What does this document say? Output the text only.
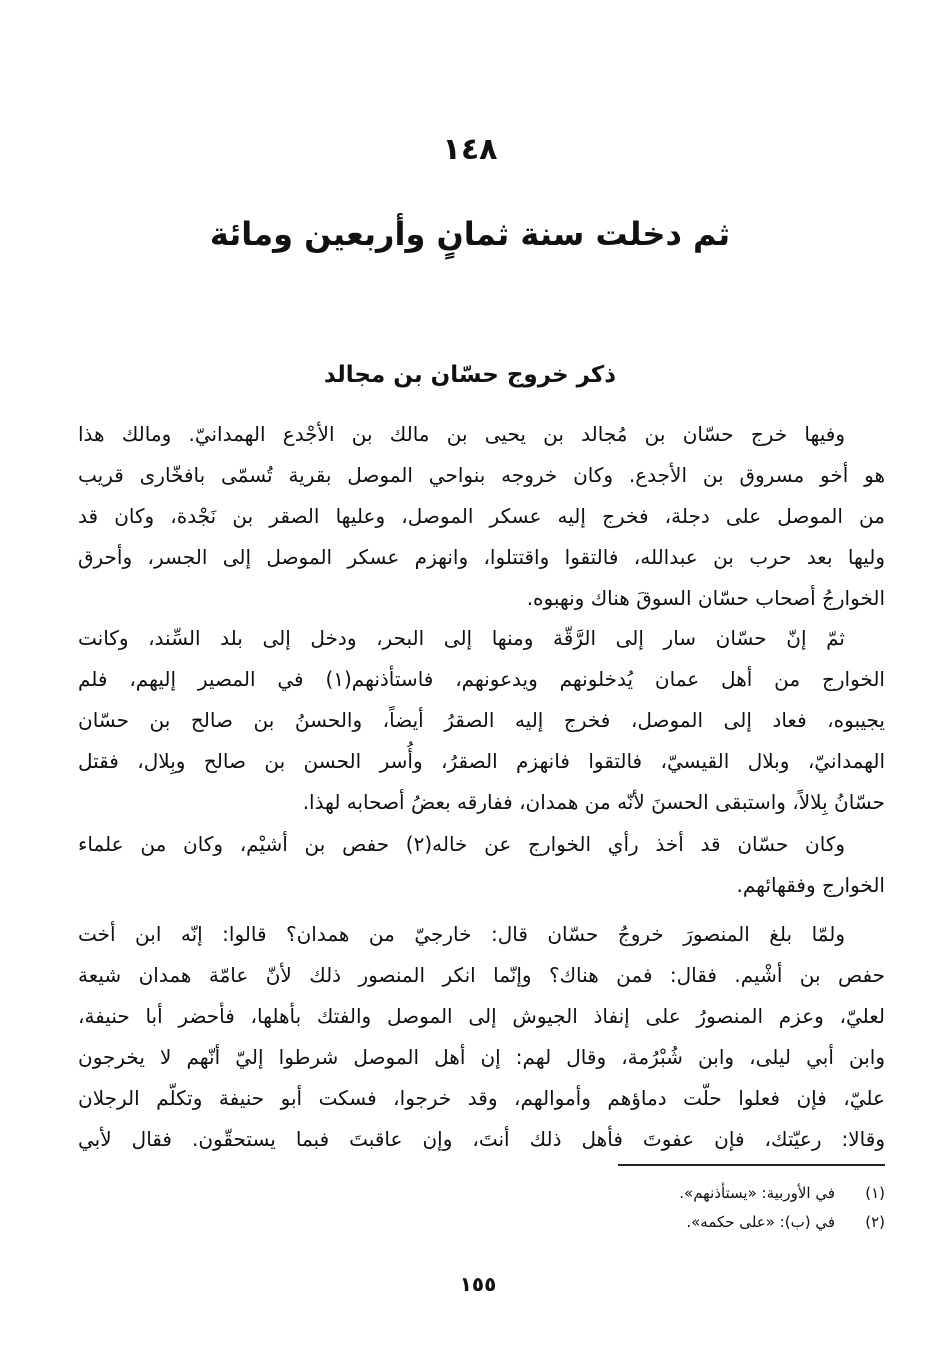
١٤٨
ثم دخلت سنة ثمانٍ وأربعين ومائة
ذكر خروج حسّان بن مجالد
وفيها خرج حسّان بن مُجالد بن يحيى بن مالك بن الأجْدع الهمدانيّ. ومالك هذا
هو أخو مسروق بن الأجدع. وكان خروجه بنواحي الموصل بقرية تُسمّى بافخّارى قريب
من الموصل على دجلة، فخرج إليه عسكر الموصل، وعليها الصقر بن نَجْدة، وكان قد
وليها بعد حرب بن عبدالله، فالتقوا واقتتلوا، وانهزم عسكر الموصل إلى الجسر، وأحرق
الخوارجُ أصحاب حسّان السوقَ هناك ونهبوه.
ثمّ إنّ حسّان سار إلى الرَّقّة ومنها إلى البحر، ودخل إلى بلد السِّند، وكانت
الخوارج من أهل عمان يُدخلونهم ويدعونهم، فاستأذنهم(١) في المصير إليهم، فلم
يجيبوه، فعاد إلى الموصل، فخرج إليه الصقرُ أيضاً، والحسنُ بن صالح بن حسّان
الهمدانيّ، وبلال القيسيّ، فالتقوا فانهزم الصقرُ، وأُسر الحسن بن صالح وبِلال، فقتل
حسّانُ بِلالاً، واستبقى الحسنَ لأنّه من همدان، ففارقه بعضُ أصحابه لهذا.
وكان حسّان قد أخذ رأي الخوارج عن خاله(٢) حفص بن أشيْم، وكان من علماء
الخوارج وفقهائهم.
ولمّا بلغ المنصورَ خروجُ حسّان قال: خارجيّ من همدان؟ قالوا: إنّه ابن أخت
حفص بن أشْيم. فقال: فمن هناك؟ وإنّما انكر المنصور ذلك لأنّ عامّة همدان شيعة
لعليّ، وعزم المنصورُ على إنفاذ الجيوش إلى الموصل والفتك بأهلها، فأحضر أبا حنيفة،
وابن أبي ليلى، وابن شُبْرُمة، وقال لهم: إن أهل الموصل شرطوا إليّ أنّهم لا يخرجون
عليّ، فإن فعلوا حلّت دماؤهم وأموالهم، وقد خرجوا، فسكت أبو حنيفة وتكلّم الرجلان
وقالا: رعيّتك، فإن عفوتَ فأهل ذلك أنتَ، وإن عاقبتَ فبما يستحقّون. فقال لأبي
(١)في الأوربية: «يستأذنهم».
(٢)في (ب): «على حكمه».
١٥٥
